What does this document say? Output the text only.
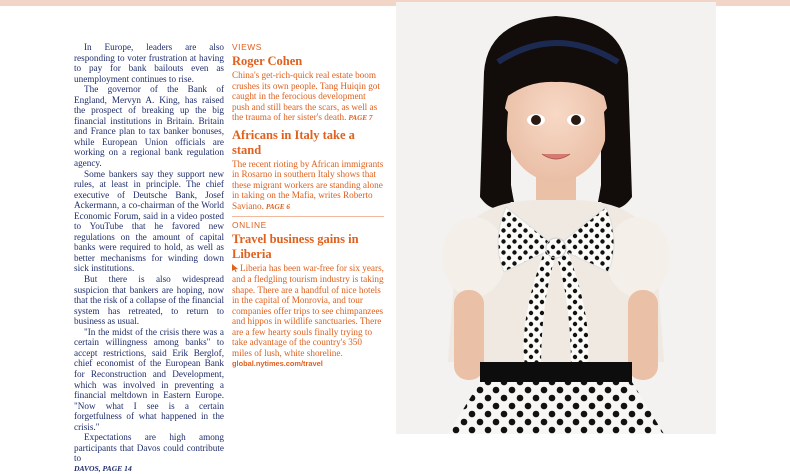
In Europe, leaders are also responding to voter frustration at having to pay for bank bailouts even as unemployment continues to rise.

The governor of the Bank of England, Mervyn A. King, has raised the prospect of breaking up the big financial institutions in Britain. Britain and France plan to tax banker bonuses, while European Union officials are working on a regional bank regulation agency.

Some bankers say they support new rules, at least in principle. The chief executive of Deutsche Bank, Josef Ackermann, a co-chairman of the World Economic Forum, said in a video posted to YouTube that he favored new regulations on the amount of capital banks were required to hold, as well as better mechanisms for winding down sick institutions.

But there is also widespread suspicion that bankers are hoping, now that the risk of a collapse of the financial system has retreated, to return to business as usual.

"In the midst of the crisis there was a certain willingness among banks" to accept restrictions, said Erik Berglof, chief economist of the European Bank for Reconstruction and Development, which was involved in preventing a financial meltdown in Eastern Europe. "Now what I see is a certain forgetfulness of what happened in the crisis."

Expectations are high among participants that Davos could contribute to

DAVOS, PAGE 14

VIEWS

Roger Cohen

China's get-rich-quick real estate boom crushes its own people. Tang Huiqin got caught in the ferocious development push and still bears the scars, as well as the trauma of her sister's death. PAGE 7

Africans in Italy take a stand

The recent rioting by African immigrants in Rosarno in southern Italy shows that these migrant workers are standing alone in taking on the Mafia, writes Roberto Saviano. PAGE 6

ONLINE

Travel business gains in Liberia

Liberia has been war-free for six years, and a fledgling tourism industry is taking shape. There are a handful of nice hotels in the capital of Monrovia, and tour companies offer trips to see chimpanzees and hippos in wildlife sanctuaries. There are a few hearty souls finally trying to take advantage of the country's 350 miles of lush, white shoreline. global.nytimes.com/travel
